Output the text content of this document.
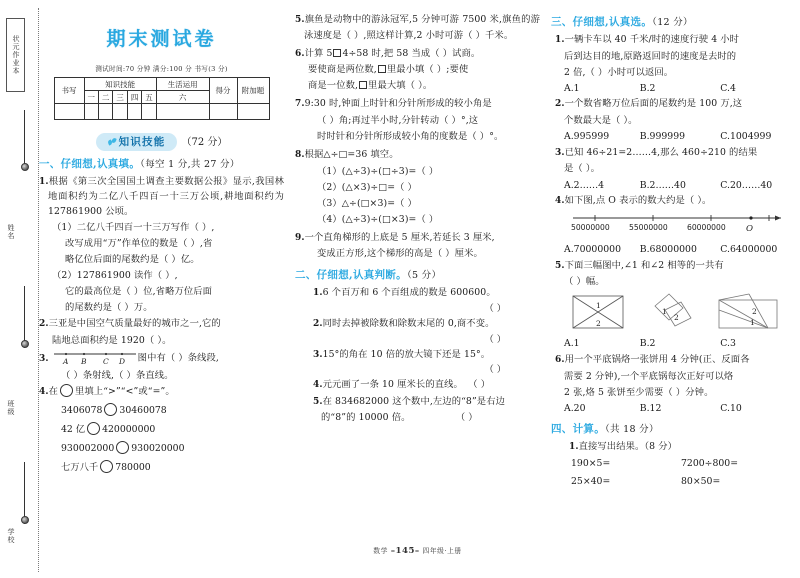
状元作业本
姓名
班级
学校
期末测试卷
测试时间:70 分钟 满分:100 分 书写(3 分)
书写	知识技能					生活运用	得分	附加题
	一	二	三	四	五	六		

知识技能 （72 分）
一、仔细想,认真填。（每空 1 分,共 27 分）
1.根据《第三次全国国土调查主要数据公报》显示,我国林地面积约为二亿八千四百一十三万公顷,耕地面积约为 127861900 公顷。
（1）二亿八千四百一十三万写作（ ）,
改写成用“万”作单位的数是（ ）,省
略亿位后面的尾数约是（ ）亿。
（2）127861900 读作（ ）,
它的最高位是（ ）位,省略万位后面
的尾数约是（ ）万。
2.三亚是中国空气质量最好的城市之一,它的
陆地总面积约是 1920（ ）。
3. A B C D 图中有（ ）条线段,
（ ）条射线,（ ）条直线。
4.在 里填上“>”“<”或“=”。
3406078 30460078
42 亿 420000000
930002000 930020000
七万八千 780000
5.旗鱼是动物中的游泳冠军,5 分钟可游 7500 米,旗鱼的游泳速度是（ ）,照这样计算,2 小时可游（ ）千米。
6.计算 5 4÷58 时,把 58 当成（ ）试商。
要使商是两位数, 里最小填（ ）;要使
商是一位数, 里最大填（ ）。
7.9:30 时,钟面上时针和分针所形成的较小角是
（ ）角;再过半小时,分针转动（ ）°,这
时时针和分针所形成较小角的度数是（ ）°。
8.根据△÷□=36 填空。
（1）(△÷3)÷(□÷3)=（ ）
（2）(△×3)÷□=（ ）
（3）△÷(□×3)=（ ）
（4）(△÷3)÷(□×3)=（ ）
9.一个直角梯形的上底是 5 厘米,若延长 3 厘米,
变成正方形,这个梯形的高是（ ）厘米。
二、仔细想,认真判断。（5 分）
1.6 个百万和 6 个百组成的数是 600600。
（ ）
2.同时去掉被除数和除数末尾的 0,商不变。
（ ）
3.15°的角在 10 倍的放大镜下还是 15°。
（ ）
4.元元画了一条 10 厘米长的直线。 （ ）
5.在 834682000 这个数中,左边的“8”是右边
的“8”的 10000 倍。	（ ）
数学 –145– 四年级·上册
三、仔细想,认真选。（12 分）
1.一辆卡车以 40 千米/时的速度行驶 4 小时
后到达目的地,原路返回时的速度是去时的
2 倍,（ ）小时可以返回。
A.1	B.2	C.4
2.一个数省略万位后面的尾数约是 100 万,这
个数最大是（ ）。
A.995999	B.999999	C.1004999
3.已知 46÷21=2……4,那么 460÷210 的结果
是（ ）。
A.2……4	B.2……40	C.20……40
4.如下图,点 O 表示的数大约是（ ）。
50000000	55000000	60000000 O
A.70000000	B.68000000	C.64000000
5.下面三幅图中,∠1 和∠2 相等的一共有
（ ）幅。
1
2
1
2
2
1
A.1	B.2	C.3
6.用一个平底锅烙一张饼用 4 分钟(正、反面各
需要 2 分钟),一个平底锅每次正好可以烙
2 张,烙 5 张饼至少需要（ ）分钟。
A.20	B.12	C.10
四、计算。（共 18 分）
1.直接写出结果。（8 分）
190×5=	7200÷800=
25×40=	80×50=
